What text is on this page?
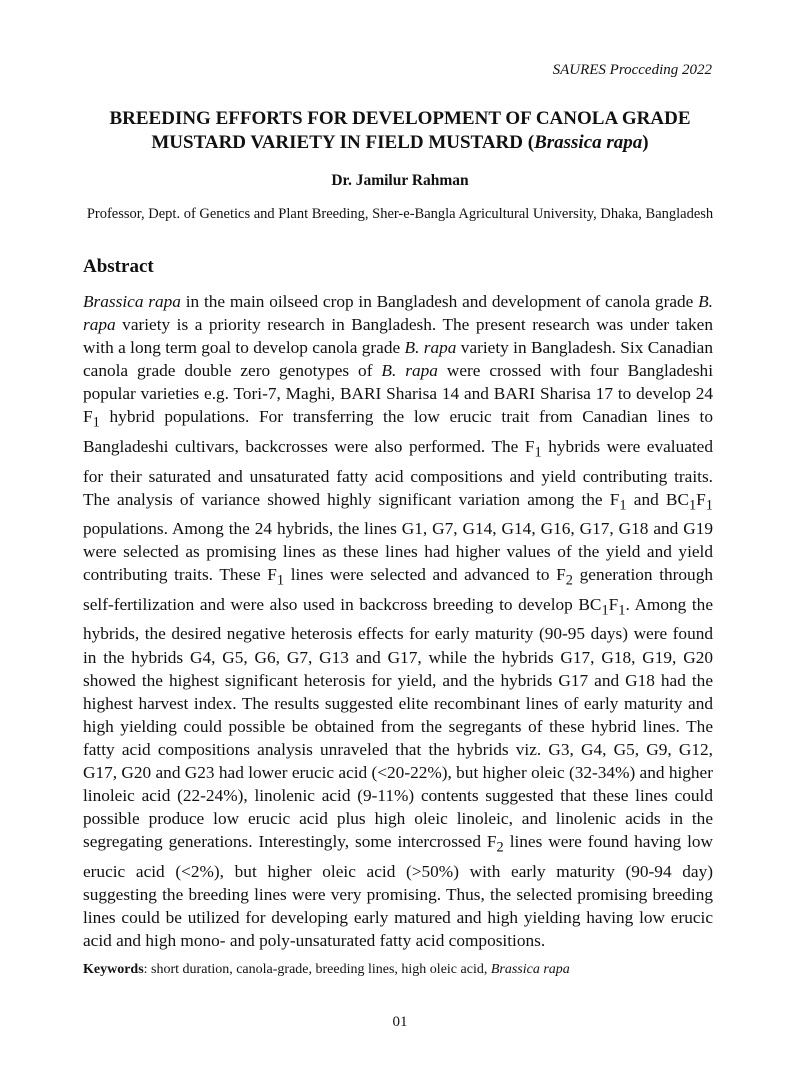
SAURES Procceding 2022
BREEDING EFFORTS FOR DEVELOPMENT OF CANOLA GRADE
MUSTARD VARIETY IN FIELD MUSTARD (Brassica rapa)
Dr. Jamilur Rahman
Professor, Dept. of Genetics and Plant Breeding, Sher-e-Bangla Agricultural University, Dhaka, Bangladesh
Abstract

Brassica rapa in the main oilseed crop in Bangladesh and development of canola grade B. rapa variety is a priority research in Bangladesh. The present research was under taken with a long term goal to develop canola grade B. rapa variety in Bangladesh. Six Canadian canola grade double zero genotypes of B. rapa were crossed with four Bangladeshi popular varieties e.g. Tori-7, Maghi, BARI Sharisa 14 and BARI Sharisa 17 to develop 24 $F_1$ hybrid populations. For transferring the low erucic trait from Canadian lines to Bangladeshi cultivars, backcrosses were also performed. The $F_1$ hybrids were evaluated for their saturated and unsaturated fatty acid compositions and yield contributing traits. The analysis of variance showed highly significant variation among the $F_1$ and $BC_1F_1$ populations. Among the 24 hybrids, the lines G1, G7, G14, G14, G16, G17, G18 and G19 were selected as promising lines as these lines had higher values of the yield and yield contributing traits. These $F_1$ lines were selected and advanced to $F_2$ generation through self-fertilization and were also used in backcross breeding to develop $BC_1F_1$. Among the hybrids, the desired negative heterosis effects for early maturity (90-95 days) were found in the hybrids G4, G5, G6, G7, G13 and G17, while the hybrids G17, G18, G19, G20 showed the highest significant heterosis for yield, and the hybrids G17 and G18 had the highest harvest index. The results suggested elite recombinant lines of early maturity and high yielding could possible be obtained from the segregants of these hybrid lines. The fatty acid compositions analysis unraveled that the hybrids viz. G3, G4, G5, G9, G12, G17, G20 and G23 had lower erucic acid (<20-22%), but higher oleic (32-34%) and higher linoleic acid (22-24%), linolenic acid (9-11%) contents suggested that these lines could possible produce low erucic acid plus high oleic linoleic, and linolenic acids in the segregating generations. Interestingly, some intercrossed $F_2$ lines were found having low erucic acid (<2%), but higher oleic acid (>50%) with early maturity (90-94 day) suggesting the breeding lines were very promising. Thus, the selected promising breeding lines could be utilized for developing early matured and high yielding having low erucic acid and high mono- and poly-unsaturated fatty acid compositions.

Keywords: short duration, canola-grade, breeding lines, high oleic acid, Brassica rapa
01
